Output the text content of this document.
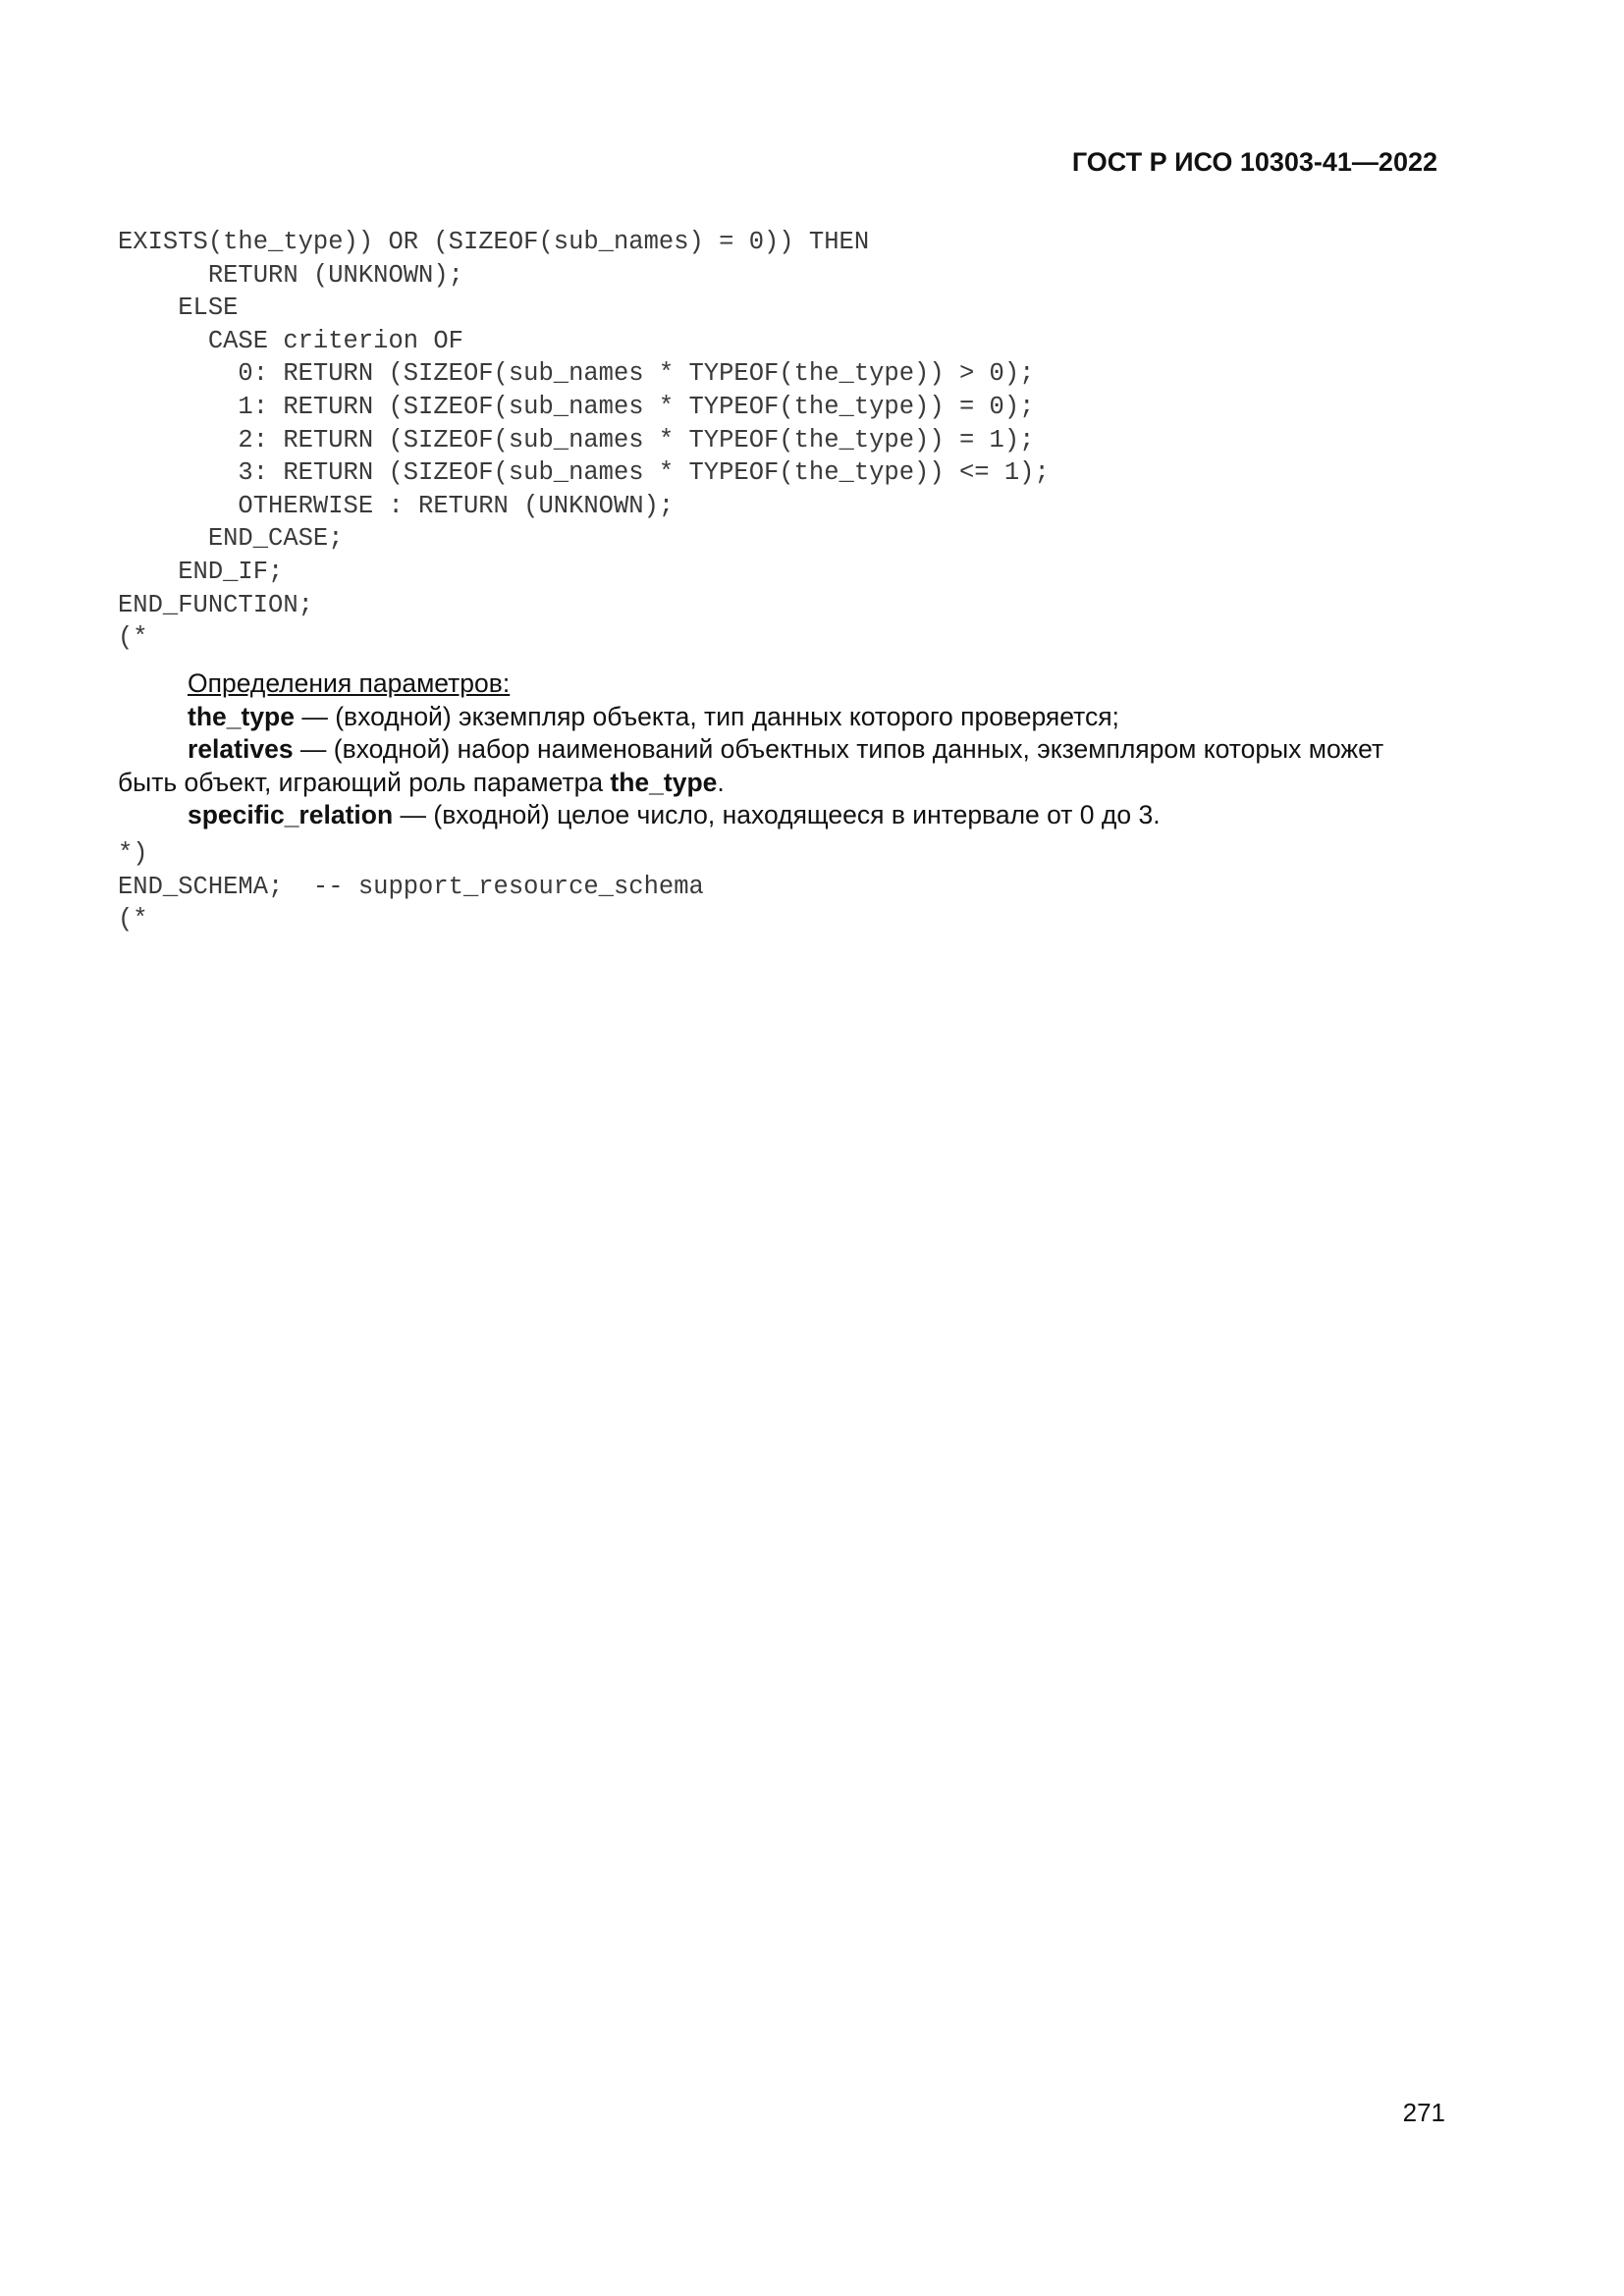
ГОСТ Р ИСО 10303-41—2022
EXISTS(the_type)) OR (SIZEOF(sub_names) = 0)) THEN
RETURN (UNKNOWN);
ELSE
CASE criterion OF
0: RETURN (SIZEOF(sub_names * TYPEOF(the_type)) > 0);
1: RETURN (SIZEOF(sub_names * TYPEOF(the_type)) = 0);
2: RETURN (SIZEOF(sub_names * TYPEOF(the_type)) = 1);
3: RETURN (SIZEOF(sub_names * TYPEOF(the_type)) <= 1);
OTHERWISE : RETURN (UNKNOWN);
END_CASE;
END_IF;
END_FUNCTION;
(*

Определения параметров:

the_type — (входной) экземпляр объекта, тип данных которого проверяется;

relatives — (входной) набор наименований объектных типов данных, экземпляром которых может быть объект, играющий роль параметра the_type.

specific_relation — (входной) целое число, находящееся в интервале от 0 до 3.

*)
END_SCHEMA;  -- support_resource_schema
(*
271
